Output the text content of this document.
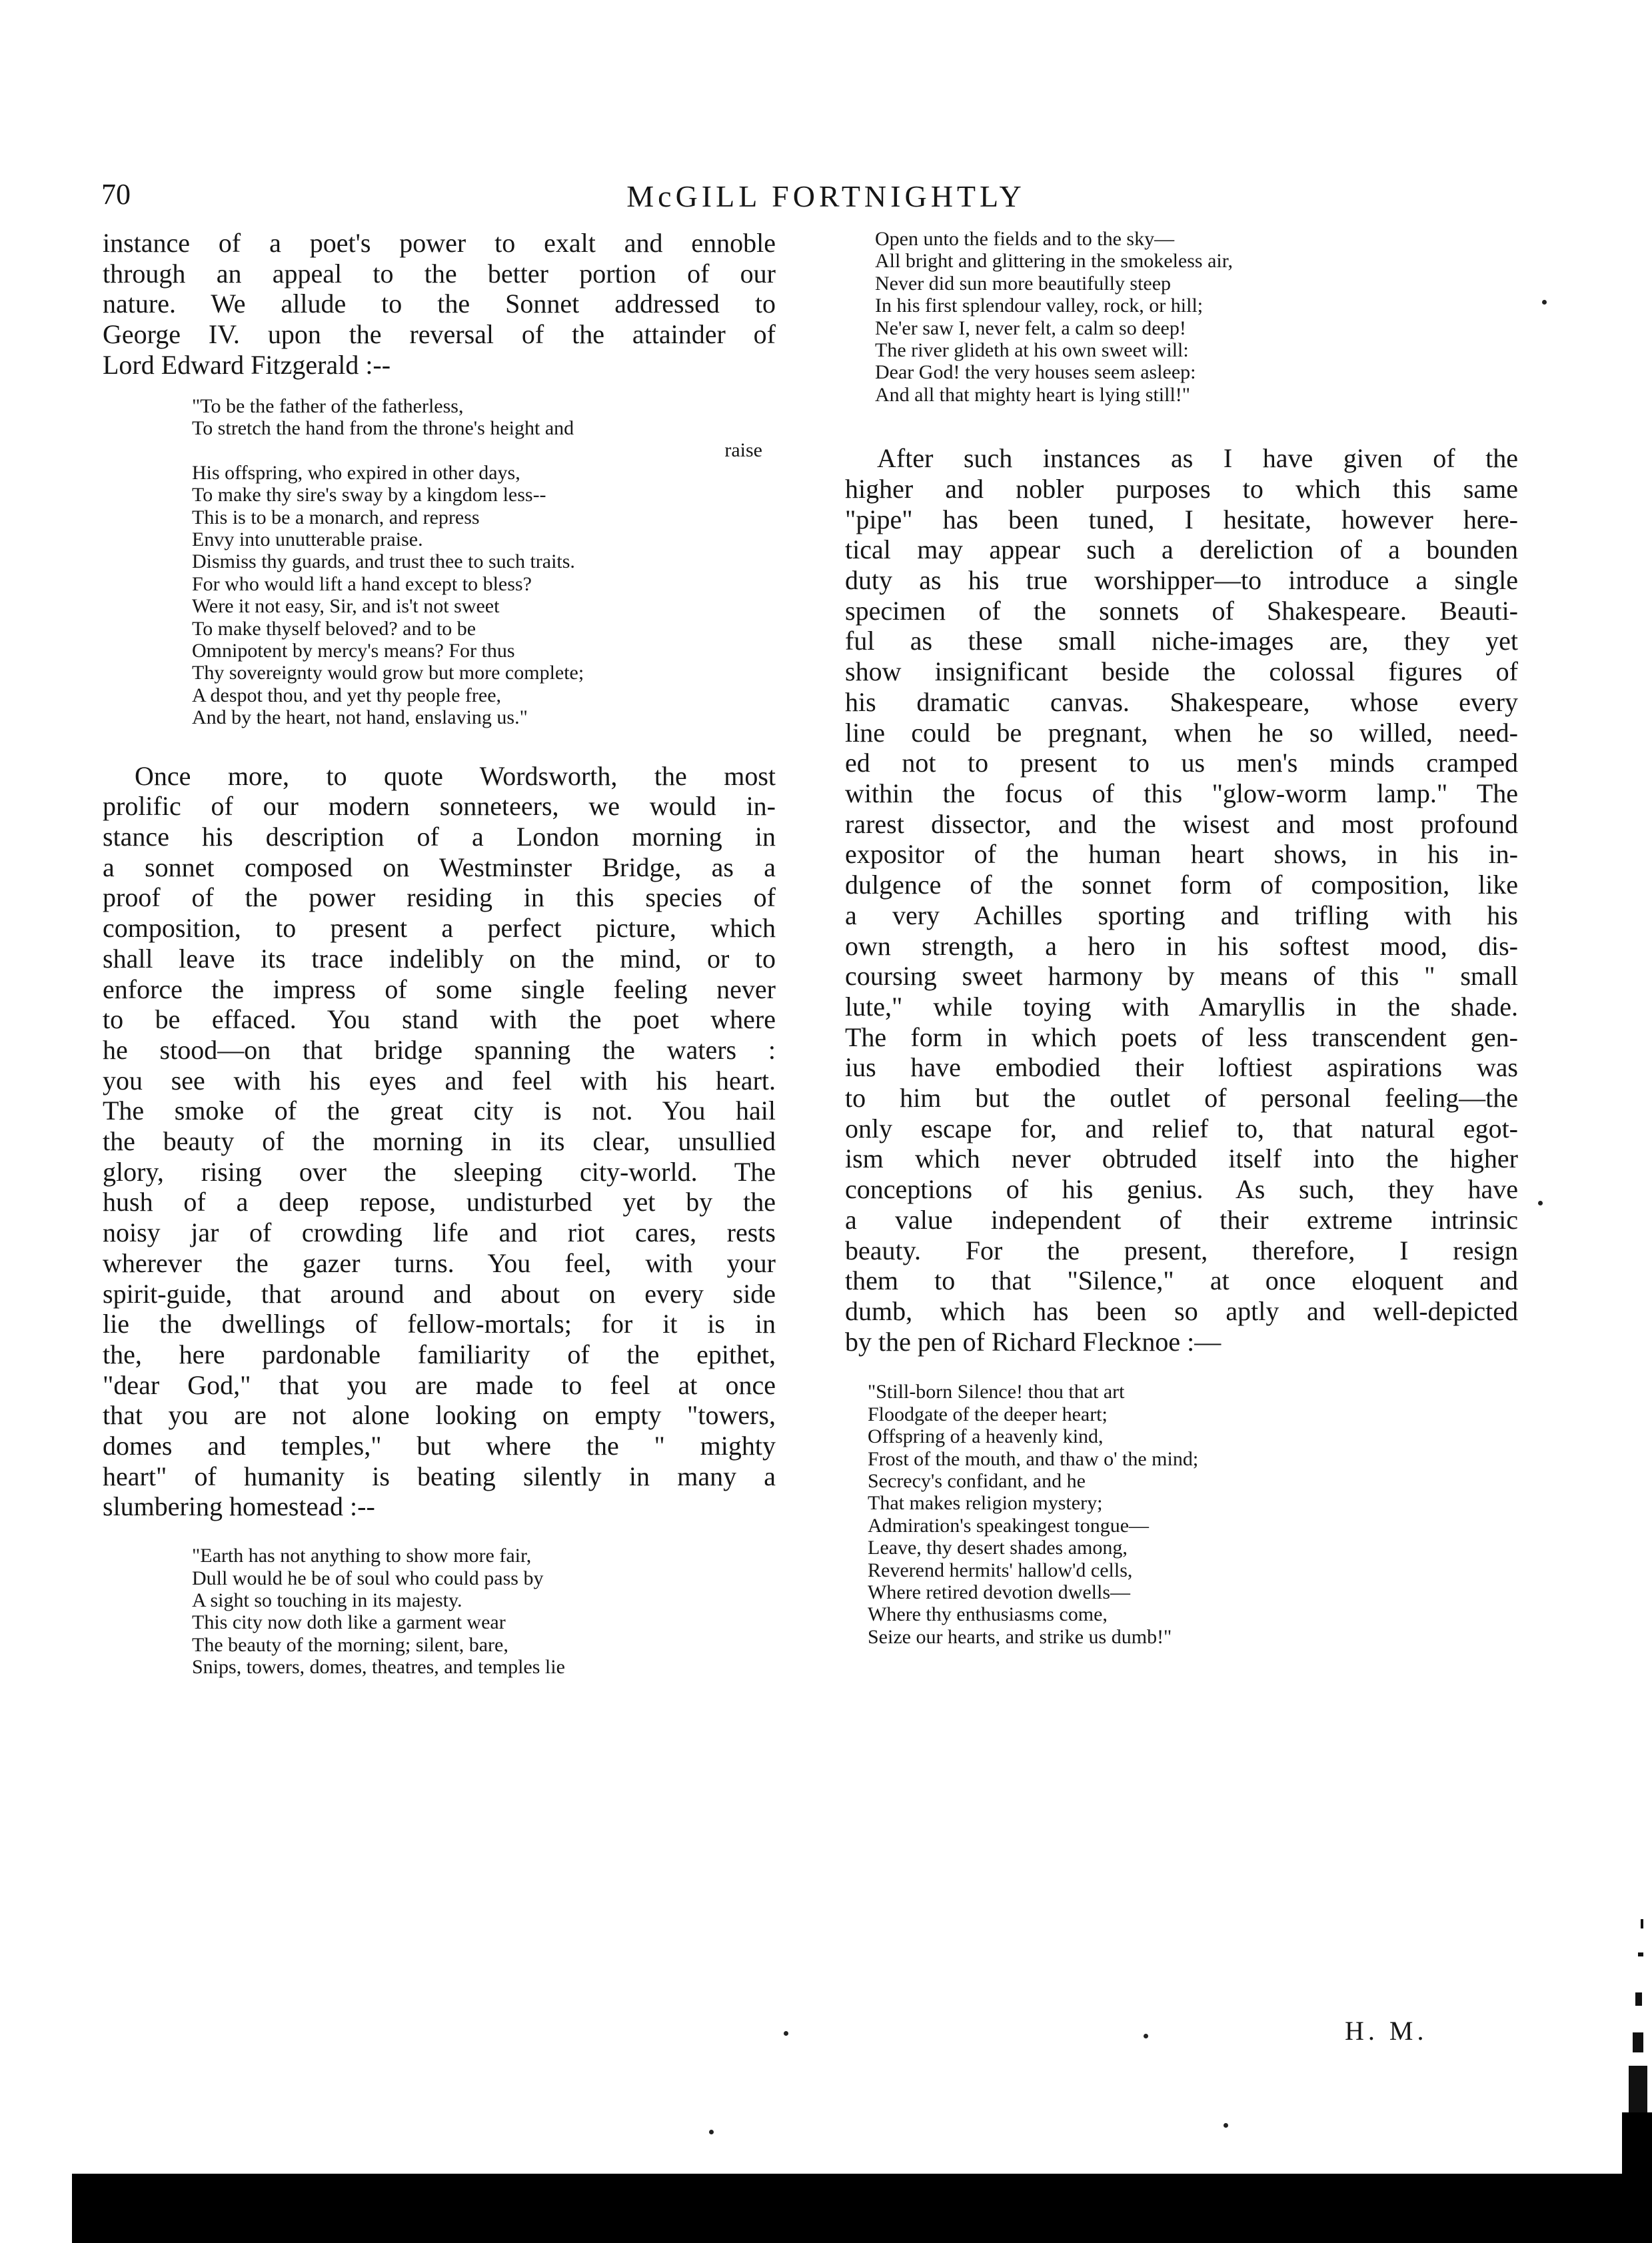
70	McGILL FORTNIGHTLY

instance of a poet's power to exalt and ennoble

through an appeal to the better portion of our

nature. We allude to the Sonnet addressed to

George IV. upon the reversal of the attainder of

Lord Edward Fitzgerald :--

"To be the father of the fatherless,
To stretch the hand from the throne's height and
raise
His offspring, who expired in other days,
To make thy sire's sway by a kingdom less--
This is to be a monarch, and repress
Envy into unutterable praise.
Dismiss thy guards, and trust thee to such traits.
For who would lift a hand except to bless?
Were it not easy, Sir, and is't not sweet
To make thyself beloved? and to be
Omnipotent by mercy's means? For thus
Thy sovereignty would grow but more complete;
A despot thou, and yet thy people free,
And by the heart, not hand, enslaving us."

Once more, to quote Wordsworth, the most

prolific of our modern sonneteers, we would in-

stance his description of a London morning in

a sonnet composed on Westminster Bridge, as a

proof of the power residing in this species of

composition, to present a perfect picture, which

shall leave its trace indelibly on the mind, or to

enforce the impress of some single feeling never

to be effaced. You stand with the poet where

he stood—on that bridge spanning the waters :

you see with his eyes and feel with his heart.

The smoke of the great city is not. You hail

the beauty of the morning in its clear, unsullied

glory, rising over the sleeping city-world. The

hush of a deep repose, undisturbed yet by the

noisy jar of crowding life and riot cares, rests

wherever the gazer turns. You feel, with your

spirit-guide, that around and about on every side

lie the dwellings of fellow-mortals; for it is in

the, here pardonable familiarity of the epithet,

"dear God," that you are made to feel at once

that you are not alone looking on empty "towers,

domes and temples," but where the " mighty

heart" of humanity is beating silently in many a

slumbering homestead :--

"Earth has not anything to show more fair,
Dull would he be of soul who could pass by
A sight so touching in its majesty.
This city now doth like a garment wear
The beauty of the morning; silent, bare,
Snips, towers, domes, theatres, and temples lie
Open unto the fields and to the sky—
All bright and glittering in the smokeless air,
Never did sun more beautifully steep
In his first splendour valley, rock, or hill;
Ne'er saw I, never felt, a calm so deep!
The river glideth at his own sweet will:
Dear God! the very houses seem asleep:
And all that mighty heart is lying still!"

After such instances as I have given of the

higher and nobler purposes to which this same

"pipe" has been tuned, I hesitate, however here-

tical may appear such a dereliction of a bounden

duty as his true worshipper—to introduce a single

specimen of the sonnets of Shakespeare. Beauti-

ful as these small niche-images are, they yet

show insignificant beside the colossal figures of

his dramatic canvas. Shakespeare, whose every

line could be pregnant, when he so willed, need-

ed not to present to us men's minds cramped

within the focus of this "glow-worm lamp." The

rarest dissector, and the wisest and most profound

expositor of the human heart shows, in his in-

dulgence of the sonnet form of composition, like

a very Achilles sporting and trifling with his

own strength, a hero in his softest mood, dis-

coursing sweet harmony by means of this " small

lute," while toying with Amaryllis in the shade.

The form in which poets of less transcendent gen-

ius have embodied their loftiest aspirations was

to him but the outlet of personal feeling—the

only escape for, and relief to, that natural egot-

ism which never obtruded itself into the higher

conceptions of his genius. As such, they have

a value independent of their extreme intrinsic

beauty. For the present, therefore, I resign

them to that "Silence," at once eloquent and

dumb, which has been so aptly and well-depicted

by the pen of Richard Flecknoe :—

"Still-born Silence! thou that art
Floodgate of the deeper heart;
Offspring of a heavenly kind,
Frost of the mouth, and thaw o' the mind;
Secrecy's confidant, and he
That makes religion mystery;
Admiration's speakingest tongue—
Leave, thy desert shades among,
Reverend hermits' hallow'd cells,
Where retired devotion dwells—
Where thy enthusiasms come,
Seize our hearts, and strike us dumb!"
H. M.
